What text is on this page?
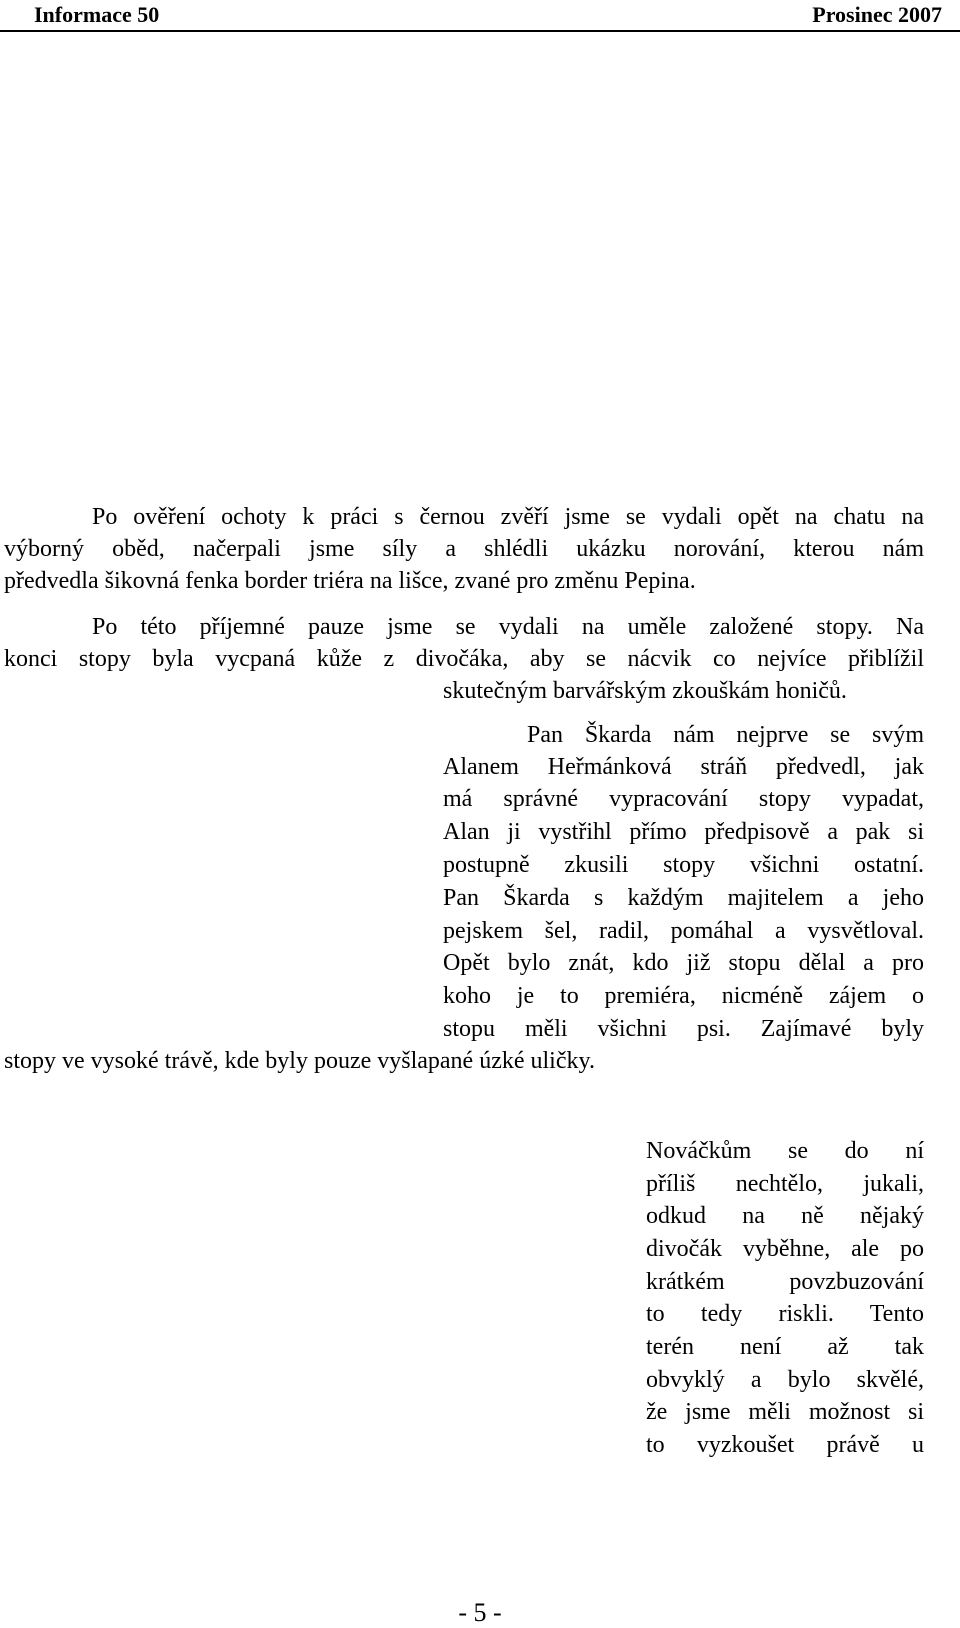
Informace 50	Prosinec 2007
Po ověření ochoty k práci s černou zvěří jsme se vydali opět na chatu na
výborný oběd, načerpali jsme síly a shlédli ukázku norování, kterou nám
předvedla šikovná fenka border triéra na lišce, zvané pro změnu Pepina.
Po této příjemné pauze jsme se vydali na uměle založené stopy. Na
konci stopy byla vycpaná kůže z divočáka, aby se nácvik co nejvíce přiblížil
skutečným barvářským zkouškám honičů.
Pan Škarda nám nejprve se svým
Alanem Heřmánková stráň předvedl, jak
má správné vypracování stopy vypadat,
Alan ji vystřihl přímo předpisově a pak si
postupně zkusili stopy všichni ostatní.
Pan Škarda s každým majitelem a jeho
pejskem šel, radil, pomáhal a vysvětloval.
Opět bylo znát, kdo již stopu dělal a pro
koho je to premiéra, nicméně zájem o
stopu měli všichni psi. Zajímavé byly
stopy ve vysoké trávě, kde byly pouze vyšlapané úzké uličky.
Nováčkům se do ní
příliš nechtělo, jukali,
odkud na ně nějaký
divočák vyběhne, ale po
krátkém povzbuzování
to tedy riskli. Tento
terén není až tak
obvyklý a bylo skvělé,
že jsme měli možnost si
to vyzkoušet právě u
- 5 -
